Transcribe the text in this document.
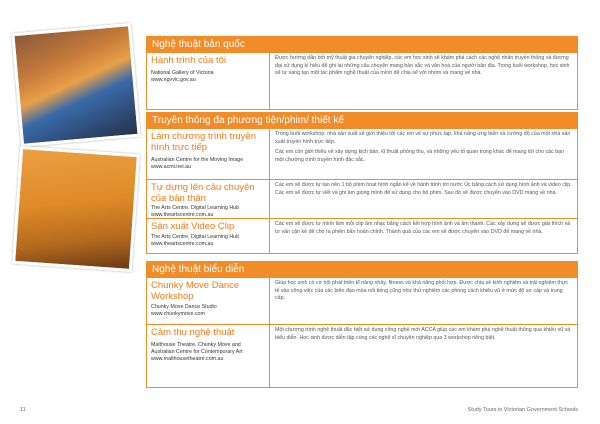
Nghệ thuật bản quốc
Hành trình của tôi
National Gallery of Victoria
www.ngvvic.gov.au

Được hướng dẫn bởi mỹ thuật gia chuyên nghiệp, các em học sinh sẽ khám phá cách các nghệ nhân truyền thống và đương đại sử dụng kí hiệu để ghi lại những câu chuyện mang bản sắc và văn hoá của người bản địa. Trong buổi workshop, học sinh sẽ tự sáng tạo một tác phẩm nghệ thuật của mình để chia sẻ với nhóm và mang về nhà.

Truyền thông đa phương tiện/phim/ thiết kế
Làm chương trình truyền hình trực tiếp
Australian Centre for the Moving Image
www.acmi.net.au

Trong buổi workshop, nhà sản xuất sẽ giới thiệu tới các em về sự phức tạp, khả năng ứng biến và cường độ của một nhà sản xuất truyền hình trực tiếp.

Các em còn giới thiệu về xây dựng kịch bản, kĩ thuật phòng thu, và những yêu tố quan trọng khác để mang tới cho các bạn một chương trình truyền hình đặc sắc.

Tự dựng lên câu chuyện của bản thân
The Arts Centre, Digital Learning Hub
www.theartscentre.com.au

Các em sẽ được tự tạo nên 1 bộ phim hoạt hình ngắn kể về hành trình tới nước Úc bằng cách sử dụng hình ảnh và video clip. Các em sẽ được tự viết và ghi âm giọng mình để sử dụng cho bộ phim. Sau đó sẽ được chuyển vào DVD mang về nhà.

Sản xuất Video Clip
The Arts Centre, Digital Learning Hub
www.theartscentre.com.au

Các em sẽ được tự mình làm mỗi clip âm nhạc bằng cách kết hợp hình ảnh và âm thanh. Các xây dựng sẽ được giải thích và tư vấn cận kề để cho ra phiên bản hoàn chỉnh. Thành quả của các em sẽ được chuyển vào DVD để mang về nhà.

Nghệ thuật biểu diễn
Chunky Move Dance Workshop
Chunky Move Dance Studio
www.chunkymove.com

Giúp học sinh có cơ hội phát triển kĩ năng nhảy, fitness và khả năng phối hợp. Được chia sẻ kinh nghiệm và trải nghiệm thực tế vào công việc của các biên đạo múa nổi tiếng cũng như thử nghiệm các phong cách khiêu vũ ở mức độ sơ cấp và trung cấp.

Cảm thụ nghệ thuật
Malthouse Theatre, Chunky Move and Australian Centre for Contemporary Art
www.malthousetheatre.com.au

Một chương trình nghệ thuật đặc biệt sử dụng công nghệ mới ACCA giúp các em khám phá nghệ thuật thông qua khiêu vũ và biểu diễn. Học sinh được diễn tập cùng các nghệ sĩ chuyên nghiệp qua 3 workshop riêng biệt.

11	Study Tours in Victorian Government Schools
